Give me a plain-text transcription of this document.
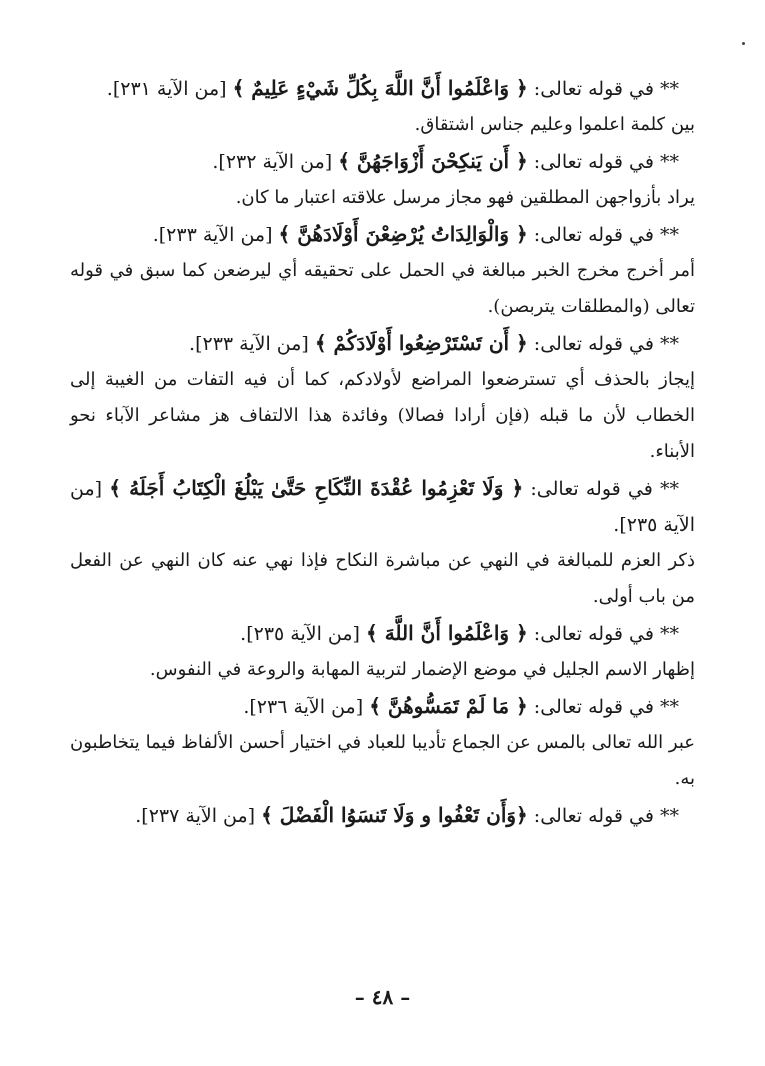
** في قوله تعالى: ﴿ وَاعْلَمُوا أَنَّ اللَّهَ بِكُلِّ شَيْءٍ عَلِيمٌ ﴾ [من الآية ٢٣١].

بين كلمة اعلموا وعليم جناس اشتقاق.

** في قوله تعالى: ﴿ أَن يَنكِحْنَ أَزْوَاجَهُنَّ ﴾ [من الآية ٢٣٢].

يراد بأزواجهن المطلقين فهو مجاز مرسل علاقته اعتبار ما كان.

** في قوله تعالى: ﴿ وَالْوَالِدَاتُ يُرْضِعْنَ أَوْلَادَهُنَّ ﴾ [من الآية ٢٣٣].

أمر أخرج مخرج الخبر مبالغة في الحمل على تحقيقه أي ليرضعن كما سبق في قوله تعالى (والمطلقات يتربصن).

** في قوله تعالى: ﴿ أَن تَسْتَرْضِعُوا أَوْلَادَكُمْ ﴾ [من الآية ٢٣٣].

إيجاز بالحذف أي تسترضعوا المراضع لأولادكم، كما أن فيه التفات من الغيبة إلى الخطاب لأن ما قبله (فإن أرادا فصالا) وفائدة هذا الالتفاف هز مشاعر الآباء نحو الأبناء.

** في قوله تعالى: ﴿ وَلَا تَعْزِمُوا عُقْدَةَ النِّكَاحِ حَتَّىٰ يَبْلُغَ الْكِتَابُ أَجَلَهُ ﴾ [من الآية ٢٣٥].

ذكر العزم للمبالغة في النهي عن مباشرة النكاح فإذا نهي عنه كان النهي عن الفعل من باب أولى.

** في قوله تعالى: ﴿ وَاعْلَمُوا أَنَّ اللَّهَ ﴾ [من الآية ٢٣٥].

إظهار الاسم الجليل في موضع الإضمار لتربية المهابة والروعة في النفوس.

** في قوله تعالى: ﴿ مَا لَمْ تَمَسُّوهُنَّ ﴾ [من الآية ٢٣٦].

عبر الله تعالى بالمس عن الجماع تأديبا للعباد في اختيار أحسن الألفاظ فيما يتخاطبون به.

** في قوله تعالى: ﴿وَأَن تَعْفُوا و وَلَا تَنسَوُا الْفَضْلَ ﴾ [من الآية ٢٣٧].

– ٤٨ –
